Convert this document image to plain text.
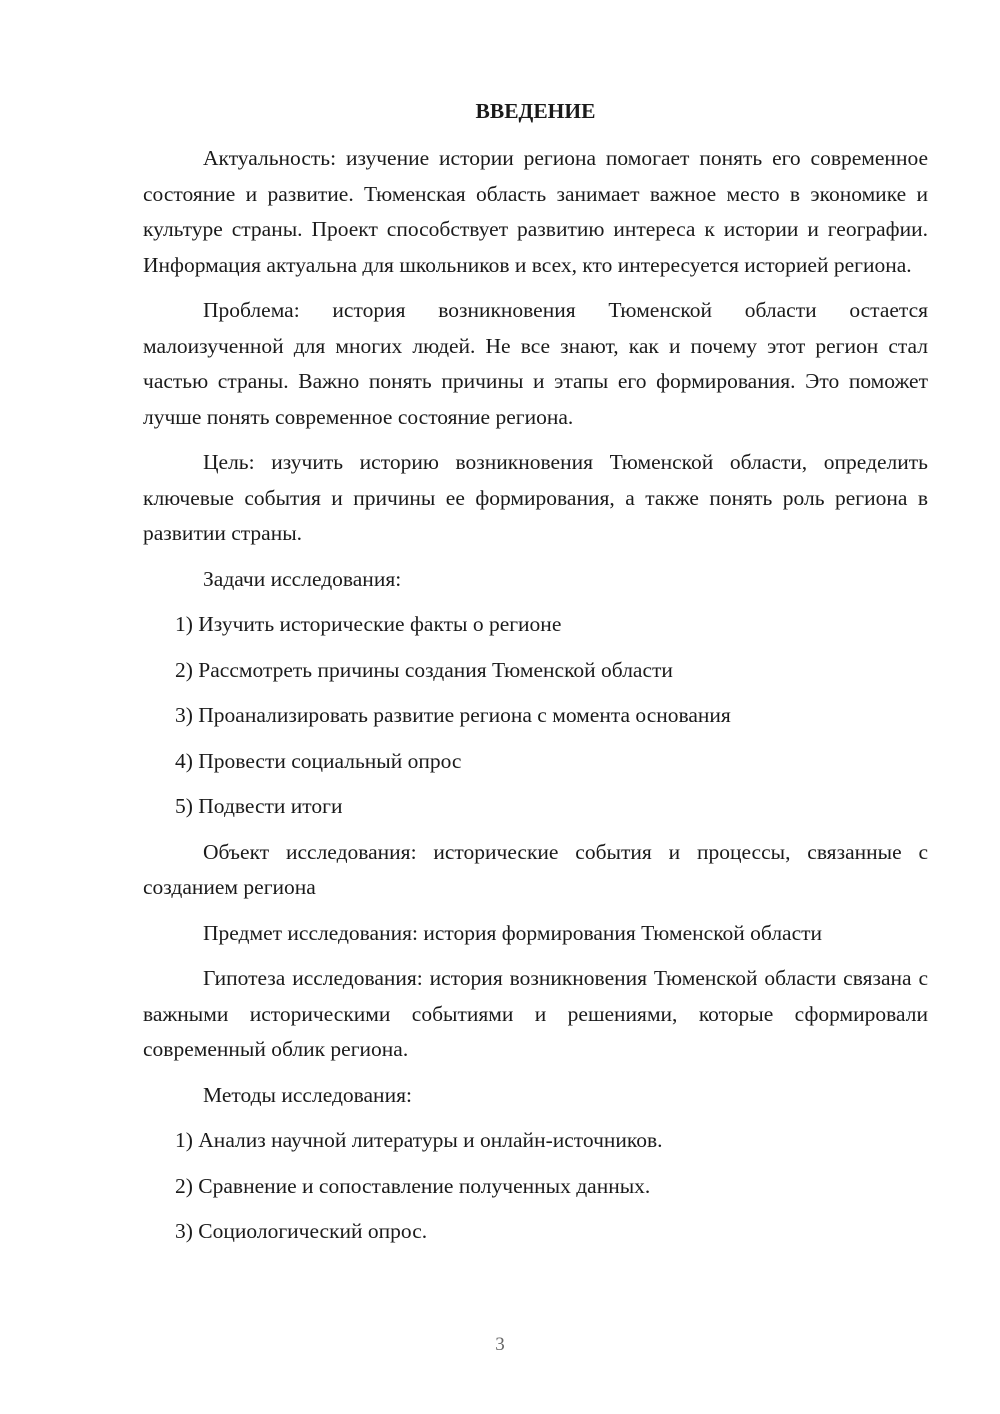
ВВЕДЕНИЕ

Актуальность: изучение истории региона помогает понять его современное состояние и развитие. Тюменская область занимает важное место в экономике и культуре страны. Проект способствует развитию интереса к истории и географии. Информация актуальна для школьников и всех, кто интересуется историей региона.

Проблема: история возникновения Тюменской области остается малоизученной для многих людей. Не все знают, как и почему этот регион стал частью страны. Важно понять причины и этапы его формирования. Это поможет лучше понять современное состояние региона.

Цель: изучить историю возникновения Тюменской области, определить ключевые события и причины ее формирования, а также понять роль региона в развитии страны.

Задачи исследования:

1) Изучить исторические факты о регионе

2) Рассмотреть причины создания Тюменской области

3) Проанализировать развитие региона с момента основания

4) Провести социальный опрос

5) Подвести итоги

Объект исследования: исторические события и процессы, связанные с созданием региона

Предмет исследования: история формирования Тюменской области

Гипотеза исследования: история возникновения Тюменской области связана с важными историческими событиями и решениями, которые сформировали современный облик региона.

Методы исследования:

1) Анализ научной литературы и онлайн-источников.

2) Сравнение и сопоставление полученных данных.

3) Социологический опрос.

3
